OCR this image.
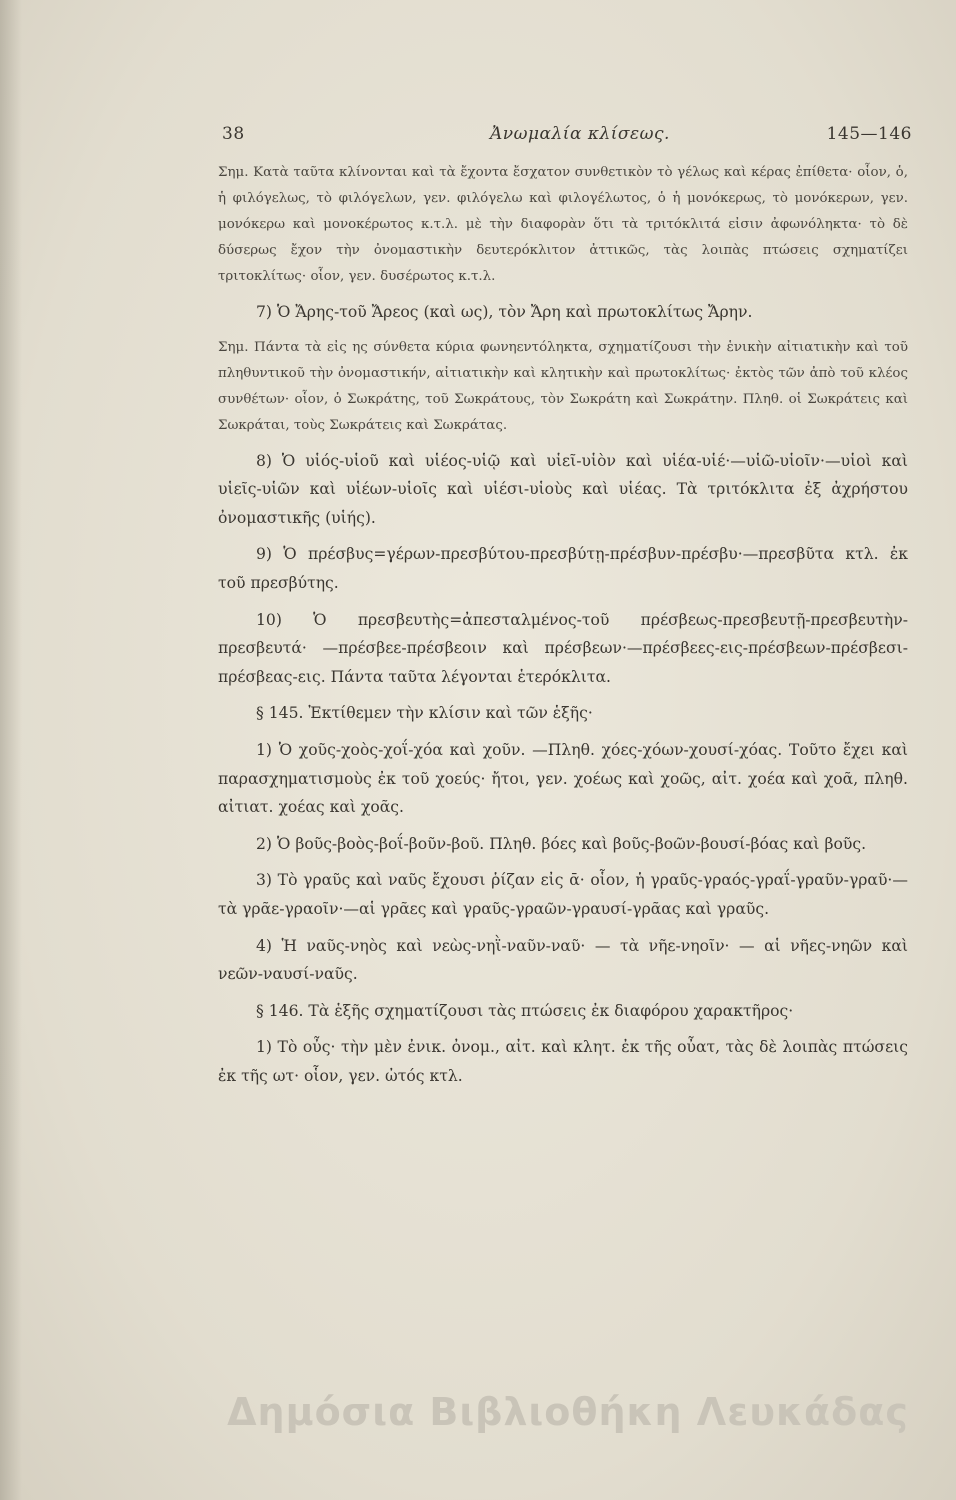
38	Ἀνωμαλία κλίσεως.	145—146

Σημ. Κατὰ ταῦτα κλίνονται καὶ τὰ ἔχοντα ἔσχατον συνθετικὸν τὸ γέλως καὶ κέρας ἐπίθετα· οἷον, ὁ, ἡ φιλόγελως, τὸ φιλόγελων, γεν. φιλόγελω καὶ φιλογέλωτος, ὁ ἡ μονόκερως, τὸ μονόκερων, γεν. μονόκερω καὶ μονοκέρωτος κ.τ.λ. μὲ τὴν διαφορὰν ὅτι τὰ τριτόκλιτά εἰσιν ἀφωνόληκτα· τὸ δὲ δύσερως ἔχον τὴν ὀνομαστικὴν δευτερόκλιτον ἀττικῶς, τὰς λοιπὰς πτώσεις σχηματίζει τριτοκλίτως· οἷον, γεν. δυσέρωτος κ.τ.λ.

7) Ὁ Ἄρης-τοῦ Ἄρεος (καὶ ως), τὸν Ἄρη καὶ πρωτοκλίτως Ἄρην.

Σημ. Πάντα τὰ εἰς ης σύνθετα κύρια φωνηεντόληκτα, σχηματίζουσι τὴν ἑνικὴν αἰτιατικὴν καὶ τοῦ πληθυντικοῦ τὴν ὀνομαστικήν, αἰτιατικὴν καὶ κλητικὴν καὶ πρωτοκλίτως· ἐκτὸς τῶν ἀπὸ τοῦ κλέος συνθέτων· οἷον, ὁ Σωκράτης, τοῦ Σωκράτους, τὸν Σωκράτη καὶ Σωκράτην. Πληθ. οἱ Σωκράτεις καὶ Σωκράται, τοὺς Σωκράτεις καὶ Σωκράτας.

8) Ὁ υἱός-υἱοῦ καὶ υἱέος-υἱῷ καὶ υἱεῖ-υἱὸν καὶ υἱέα-υἱέ·—υἱῶ-υἱοῖν·—υἱοὶ καὶ υἱεῖς-υἱῶν καὶ υἱέων-υἱοῖς καὶ υἱέσι-υἱοὺς καὶ υἱέας. Τὰ τριτόκλιτα ἐξ ἀχρήστου ὀνομαστικῆς (υἱής).

9) Ὁ πρέσβυς=γέρων-πρεσβύτου-πρεσβύτῃ-πρέσβυν-πρέσβυ·—πρεσβῦτα κτλ. ἐκ τοῦ πρεσβύτης.

10) Ὁ πρεσβευτὴς=ἀπεσταλμένος-τοῦ πρέσβεως-πρεσβευτῇ-πρεσβευτὴν-πρεσβευτά· —πρέσβεε-πρέσβεοιν καὶ πρέσβεων·—πρέσβεες-εις-πρέσβεων-πρέσβεσι-πρέσβεας-εις. Πάντα ταῦτα λέγονται ἑτερόκλιτα.

§ 145. Ἐκτίθεμεν τὴν κλίσιν καὶ τῶν ἑξῆς·

1) Ὁ χοῦς-χοὸς-χοΐ-χόα καὶ χοῦν. —Πληθ. χόες-χόων-χουσί-χόας. Τοῦτο ἔχει καὶ παρασχηματισμοὺς ἐκ τοῦ χοεύς· ἤτοι, γεν. χοέως καὶ χοῶς, αἰτ. χοέα καὶ χοᾶ, πληθ. αἰτιατ. χοέας καὶ χοᾶς.

2) Ὁ βοῦς-βοὸς-βοΐ-βοῦν-βοῦ. Πληθ. βόες καὶ βοῦς-βοῶν-βουσί-βόας καὶ βοῦς.

3) Τὸ γραῦς καὶ ναῦς ἔχουσι ῥίζαν εἰς ᾱ· οἷον, ἡ γραῦς-γραός-γραΐ-γραῦν-γραῦ·—τὰ γρᾶε-γραοῖν·—αἱ γρᾶες καὶ γραῦς-γραῶν-γραυσί-γρᾶας καὶ γραῦς.

4) Ἡ ναῦς-νηὸς καὶ νεὼς-νηῒ-ναῦν-ναῦ· — τὰ νῆε-νηοῖν· — αἱ νῆες-νηῶν καὶ νεῶν-ναυσί-ναῦς.

§ 146. Τὰ ἑξῆς σχηματίζουσι τὰς πτώσεις ἐκ διαφόρου χαρακτῆρος·

1) Τὸ οὖς· τὴν μὲν ἐνικ. ὀνομ., αἰτ. καὶ κλητ. ἐκ τῆς οὖατ, τὰς δὲ λοιπὰς πτώσεις ἐκ τῆς ωτ· οἷον, γεν. ὠτός κτλ.

Δημόσια Βιβλιοθήκη Λευκάδας
